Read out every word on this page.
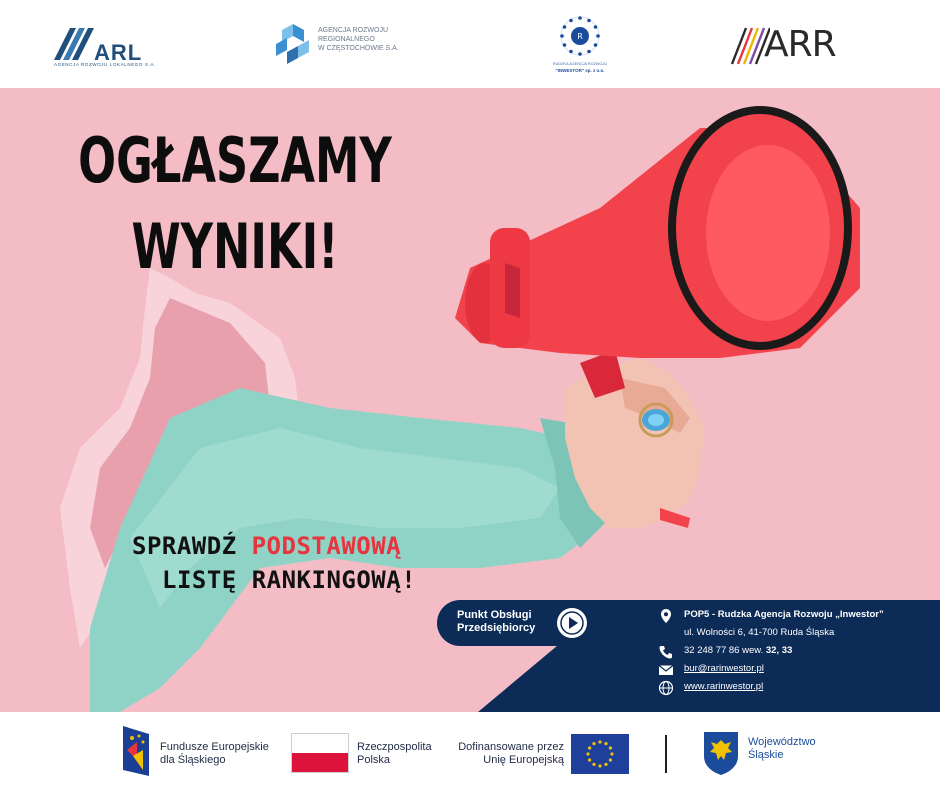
ARL
AGENCJA ROZWOJU LOKALNEGO S.A.
AGENCJA ROZWOJU
REGIONALNEGO
W CZĘSTOCHOWIE S.A.
R
RUDZKA AGENCJA ROZWOJU
"INWESTOR" sp. z o.o.
ARR
OGŁASZAMY
WYNIKI!
SPRAWDŹ PODSTAWOWĄ
LISTĘ RANKINGOWĄ!
Punkt Obsługi
Przedsiębiorcy
POP5 - Rudzka Agencja Rozwoju „Inwestor”
ul. Wolności 6, 41-700 Ruda Śląska
32 248 77 86 wew. 32, 33
bur@rarinwestor.pl
www.rarinwestor.pl
Fundusze Europejskie
dla Śląskiego
Rzeczpospolita
Polska
Dofinansowane przez
Unię Europejską
Województwo
Śląskie
